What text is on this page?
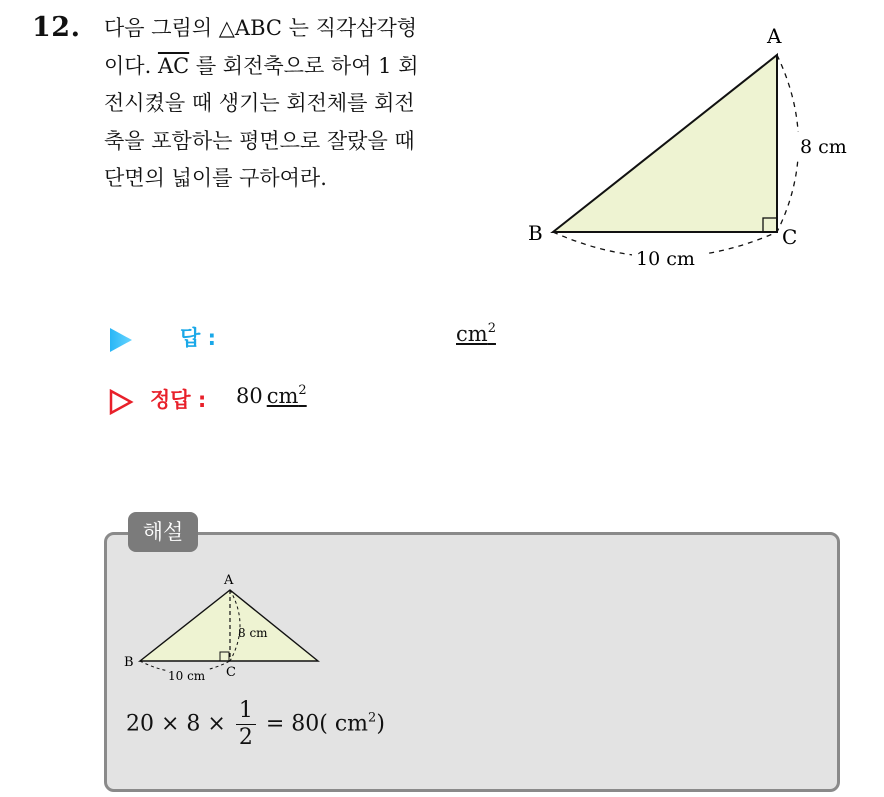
12. 다음 그림의 △ABC 는 직각삼각형
이다. $\overline{AC}$ 를 회전축으로 하여 1 회
전시켰을 때 생기는 회전체를 회전
축을 포함하는 평면으로 잘랐을 때
단면의 넓이를 구하여라.
A
B	C
8 cm
10 cm
답 :	$cm^2$
정답 : 80 $cm^2$
해설
A
B
C
8 cm
10 cm
$20 \times 8 \times \frac{1}{2} = 80$( $cm^2$)
